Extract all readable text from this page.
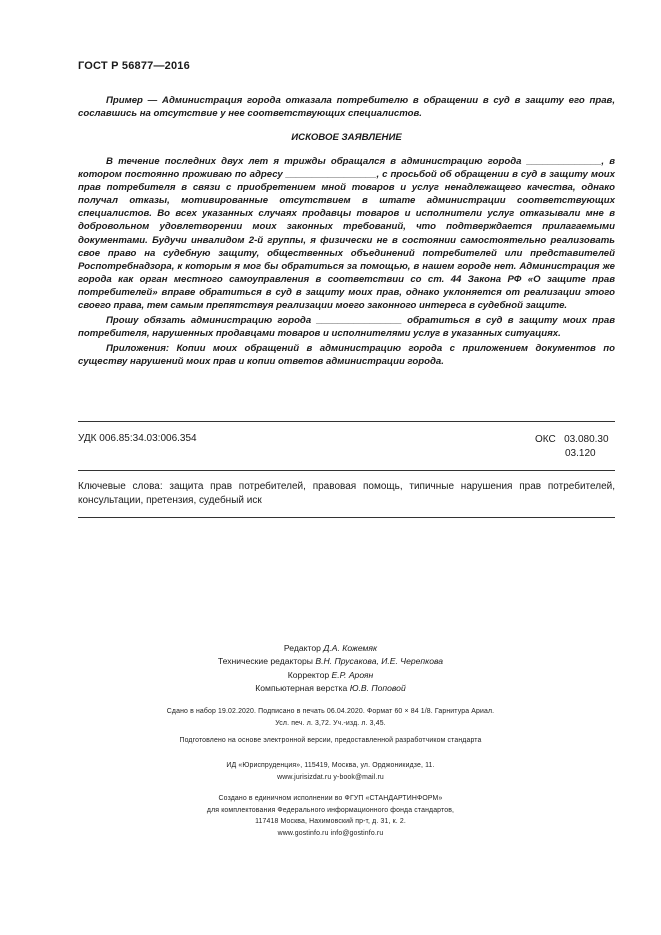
ГОСТ Р 56877—2016

Пример — Администрация города отказала потребителю в обращении в суд в защиту его прав, сославшись на отсутствие у нее соответствующих специалистов.

ИСКОВОЕ ЗАЯВЛЕНИЕ

В течение последних двух лет я трижды обращался в администрацию города ______________, в котором постоянно проживаю по адресу _________________, с просьбой об обращении в суд в защиту моих прав потребителя в связи с приобретением мной товаров и услуг ненадлежащего качества, однако получал отказы, мотивированные отсутствием в штате администрации соответствующих специалистов. Во всех указанных случаях продавцы товаров и исполнители услуг отказывали мне в добровольном удовлетворении моих законных требований, что подтверждается прилагаемыми документами. Будучи инвалидом 2-й группы, я физически не в состоянии самостоятельно реализовать свое право на судебную защиту, общественных объединений потребителей или представителей Роспотребнадзора, к которым я мог бы обратиться за помощью, в нашем городе нет. Администрация же города как орган местного самоуправления в соответствии со ст. 44 Закона РФ «О защите прав потребителей» вправе обратиться в суд в защиту моих прав, однако уклоняется от реализации этого своего права, тем самым препятствуя реализации моего законного интереса в судебной защите.

Прошу обязать администрацию города ________________ обратиться в суд в защиту моих прав потребителя, нарушенных продавцами товаров и исполнителями услуг в указанных ситуациях.

Приложения: Копии моих обращений в администрацию города с приложением документов по существу нарушений моих прав и копии ответов администрации города.

УДК 006.85:34.03:006.354	ОКС 03.080.30
03.120
Ключевые слова: защита прав потребителей, правовая помощь, типичные нарушения прав потребителей, консультации, претензия, судебный иск
Редактор Д.А. Кожемяк
Технические редакторы В.Н. Прусакова, И.Е. Черепкова
Корректор Е.Р. Ароян
Компьютерная верстка Ю.В. Поповой
Сдано в набор 19.02.2020. Подписано в печать 06.04.2020. Формат 60 × 84 1/8. Гарнитура Ариал.
Усл. печ. л. 3,72. Уч.-изд. л. 3,45.
Подготовлено на основе электронной версии, предоставленной разработчиком стандарта
ИД «Юриспруденция», 115419, Москва, ул. Орджоникидзе, 11.
www.jurisizdat.ru y-book@mail.ru
Создано в единичном исполнении во ФГУП «СТАНДАРТИНФОРМ»
для комплектования Федерального информационного фонда стандартов,
117418 Москва, Нахимовский пр-т, д. 31, к. 2.
www.gostinfo.ru info@gostinfo.ru
